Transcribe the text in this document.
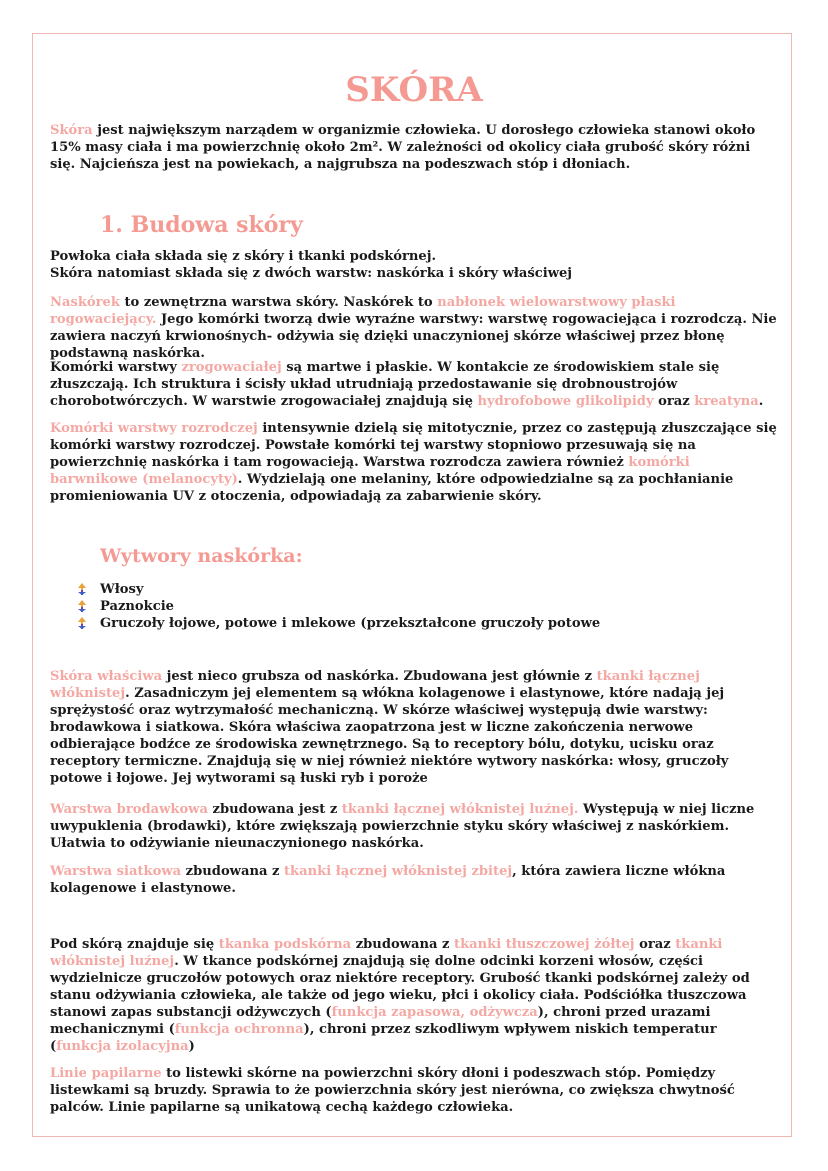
SKÓRA

Skóra jest największym narządem w organizmie człowieka. U dorosłego człowieka stanowi około 15% masy ciała i ma powierzchnię około 2m². W zależności od okolicy ciała grubość skóry różni się. Najcieńsza jest na powiekach, a najgrubsza na podeszwach stóp i dłoniach.

Powłoka ciała składa się z skóry i tkanki podskórnej.
Skóra natomiast składa się z dwóch warstw: naskórka i skóry właściwej

Naskórek to zewnętrzna warstwa skóry. Naskórek to nabłonek wielowarstwowy płaski rogowaciejący. Jego komórki tworzą dwie wyraźne warstwy: warstwę rogowaciejąca i rozrodczą. Nie zawiera naczyń krwionośnych- odżywia się dzięki unaczynionej skórze właściwej przez błonę podstawną naskórka.

Komórki warstwy zrogowaciałej są martwe i płaskie. W kontakcie ze środowiskiem stale się złuszczają. Ich struktura i ścisły układ utrudniają przedostawanie się drobnoustrojów chorobotwórczych. W warstwie zrogowaciałej znajdują się hydrofobowe glikolipidy oraz kreatyna.

Komórki warstwy rozrodczej intensywnie dzielą się mitotycznie, przez co zastępują złuszczające się komórki warstwy rozrodczej. Powstałe komórki tej warstwy stopniowo przesuwają się na powierzchnię naskórka i tam rogowacieją. Warstwa rozrodcza zawiera również komórki barwnikowe (melanocyty). Wydzielają one melaniny, które odpowiedzialne są za pochłanianie promieniowania UV z otoczenia, odpowiadają za zabarwienie skóry.

Włosy
Paznokcie
Gruczoły łojowe, potowe i mlekowe (przekształcone gruczoły potowe

Skóra właściwa jest nieco grubsza od naskórka. Zbudowana jest głównie z tkanki łącznej włóknistej. Zasadniczym jej elementem są włókna kolagenowe i elastynowe, które nadają jej sprężystość oraz wytrzymałość mechaniczną. W skórze właściwej występują dwie warstwy: brodawkowa i siatkowa. Skóra właściwa zaopatrzona jest w liczne zakończenia nerwowe odbierające bodźce ze środowiska zewnętrznego. Są to receptory bólu, dotyku, ucisku oraz receptory termiczne. Znajdują się w niej również niektóre wytwory naskórka: włosy, gruczoły potowe i łojowe. Jej wytworami są łuski ryb i poroże

Warstwa brodawkowa zbudowana jest z tkanki łącznej włóknistej luźnej. Występują w niej liczne uwypuklenia (brodawki), które zwiększają powierzchnie styku skóry właściwej z naskórkiem. Ułatwia to odżywianie nieunaczynionego naskórka.

Warstwa siatkowa zbudowana z tkanki łącznej włóknistej zbitej, która zawiera liczne włókna kolagenowe i elastynowe.

Pod skórą znajduje się tkanka podskórna zbudowana z tkanki tłuszczowej żółtej oraz tkanki włóknistej luźnej. W tkance podskórnej znajdują się dolne odcinki korzeni włosów, części wydzielnicze gruczołów potowych oraz niektóre receptory. Grubość tkanki podskórnej zależy od stanu odżywiania człowieka, ale także od jego wieku, płci i okolicy ciała. Podściółka tłuszczowa stanowi zapas substancji odżywczych (funkcja zapasowa, odżywcza), chroni przed urazami mechanicznymi (funkcja ochronna), chroni przez szkodliwym wpływem niskich temperatur (funkcja izolacyjna)

Linie papilarne to listewki skórne na powierzchni skóry dłoni i podeszwach stóp. Pomiędzy listewkami są bruzdy. Sprawia to że powierzchnia skóry jest nierówna, co zwiększa chwytność palców. Linie papilarne są unikatową cechą każdego człowieka.

1. Budowa skóry
Wytwory naskórka:
